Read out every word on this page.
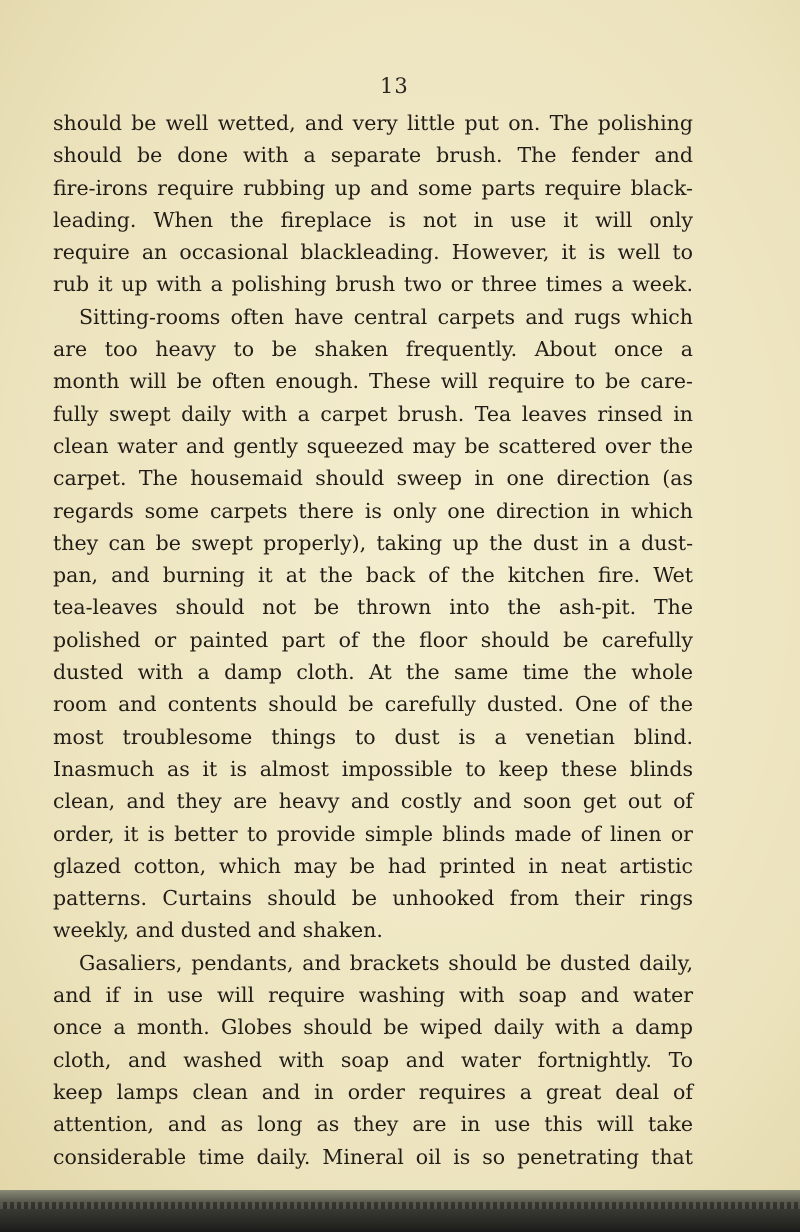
13
should be well wetted, and very little put on. The polishing
should be done with a separate brush. The fender and
fire-irons require rubbing up and some parts require black-
leading. When the fireplace is not in use it will only
require an occasional blackleading. However, it is well to
rub it up with a polishing brush two or three times a week.
Sitting-rooms often have central carpets and rugs which
are too heavy to be shaken frequently. About once a
month will be often enough. These will require to be care-
fully swept daily with a carpet brush. Tea leaves rinsed in
clean water and gently squeezed may be scattered over the
carpet. The housemaid should sweep in one direction (as
regards some carpets there is only one direction in which
they can be swept properly), taking up the dust in a dust-
pan, and burning it at the back of the kitchen fire. Wet
tea-leaves should not be thrown into the ash-pit. The
polished or painted part of the floor should be carefully
dusted with a damp cloth. At the same time the whole
room and contents should be carefully dusted. One of the
most troublesome things to dust is a venetian blind.
Inasmuch as it is almost impossible to keep these blinds
clean, and they are heavy and costly and soon get out of
order, it is better to provide simple blinds made of linen or
glazed cotton, which may be had printed in neat artistic
patterns. Curtains should be unhooked from their rings
weekly, and dusted and shaken.
Gasaliers, pendants, and brackets should be dusted daily,
and if in use will require washing with soap and water
once a month. Globes should be wiped daily with a damp
cloth, and washed with soap and water fortnightly. To
keep lamps clean and in order requires a great deal of
attention, and as long as they are in use this will take
considerable time daily. Mineral oil is so penetrating that
